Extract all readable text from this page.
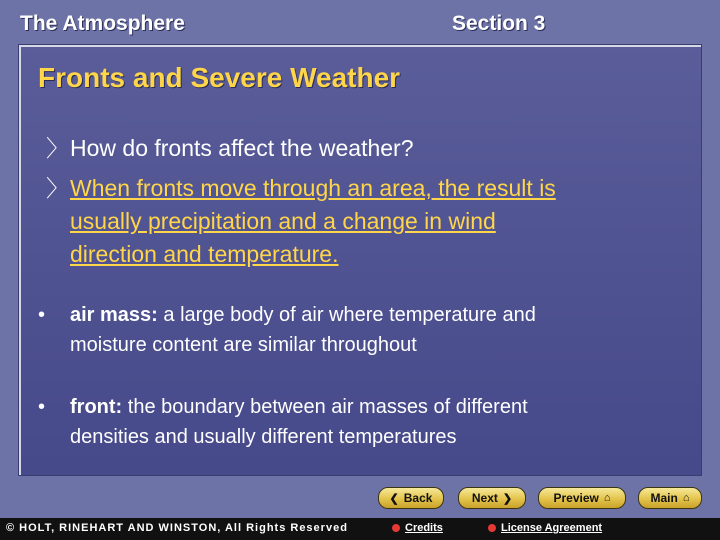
The Atmosphere	Section 3
Fronts and Severe Weather
〉How do fronts affect the weather?
〉 When fronts move through an area, the result is
usually precipitation and a change in wind
direction and temperature.
• air mass: a large body of air where temperature and
moisture content are similar throughout
• front: the boundary between air masses of different
densities and usually different temperatures
❮ Back	Next ❯	Preview ⌂	Main ⌂
© HOLT, RINEHART AND WINSTON, All Rights Reserved	Credits	License Agreement
